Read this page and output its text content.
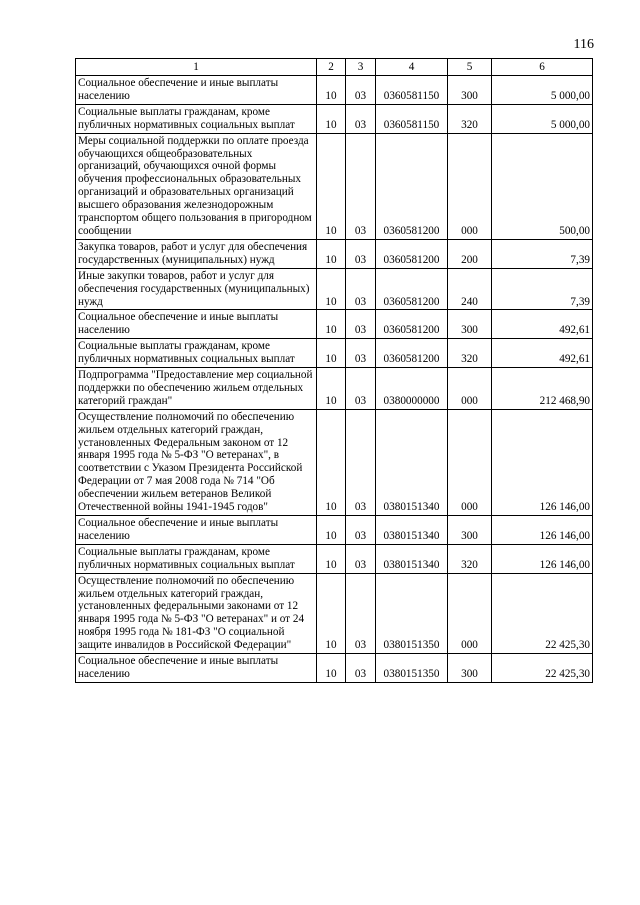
116
1	2	3	4	5	6
Социальное обеспечение и иные выплаты населению	10	03	0360581150	300	5 000,00
Социальные выплаты гражданам, кроме публичных нормативных социальных выплат	10	03	0360581150	320	5 000,00
Меры социальной поддержки по оплате проезда обучающихся общеобразовательных организаций, обучающихся очной формы обучения профессиональных образовательных организаций и образовательных организаций высшего образования железнодорожным транспортом общего пользования в пригородном сообщении	10	03	0360581200	000	500,00
Закупка товаров, работ и услуг для обеспечения государственных (муниципальных) нужд	10	03	0360581200	200	7,39
Иные закупки товаров, работ и услуг для обеспечения государственных (муниципальных) нужд	10	03	0360581200	240	7,39
Социальное обеспечение и иные выплаты населению	10	03	0360581200	300	492,61
Социальные выплаты гражданам, кроме публичных нормативных социальных выплат	10	03	0360581200	320	492,61
Подпрограмма "Предоставление мер социальной поддержки по обеспечению жильем отдельных категорий граждан"	10	03	0380000000	000	212 468,90
Осуществление полномочий по обеспечению жильем отдельных категорий граждан, установленных Федеральным законом от 12 января 1995 года № 5-ФЗ "О ветеранах", в соответствии с Указом Президента Российской Федерации от 7 мая 2008 года № 714 "Об обеспечении жильем ветеранов Великой Отечественной войны 1941-1945 годов"	10	03	0380151340	000	126 146,00
Социальное обеспечение и иные выплаты населению	10	03	0380151340	300	126 146,00
Социальные выплаты гражданам, кроме публичных нормативных социальных выплат	10	03	0380151340	320	126 146,00
Осуществление полномочий по обеспечению жильем отдельных категорий граждан, установленных федеральными законами от 12 января 1995 года № 5-ФЗ "О ветеранах" и от 24 ноября 1995 года № 181-ФЗ "О социальной защите инвалидов в Российской Федерации"	10	03	0380151350	000	22 425,30
Социальное обеспечение и иные выплаты населению	10	03	0380151350	300	22 425,30
